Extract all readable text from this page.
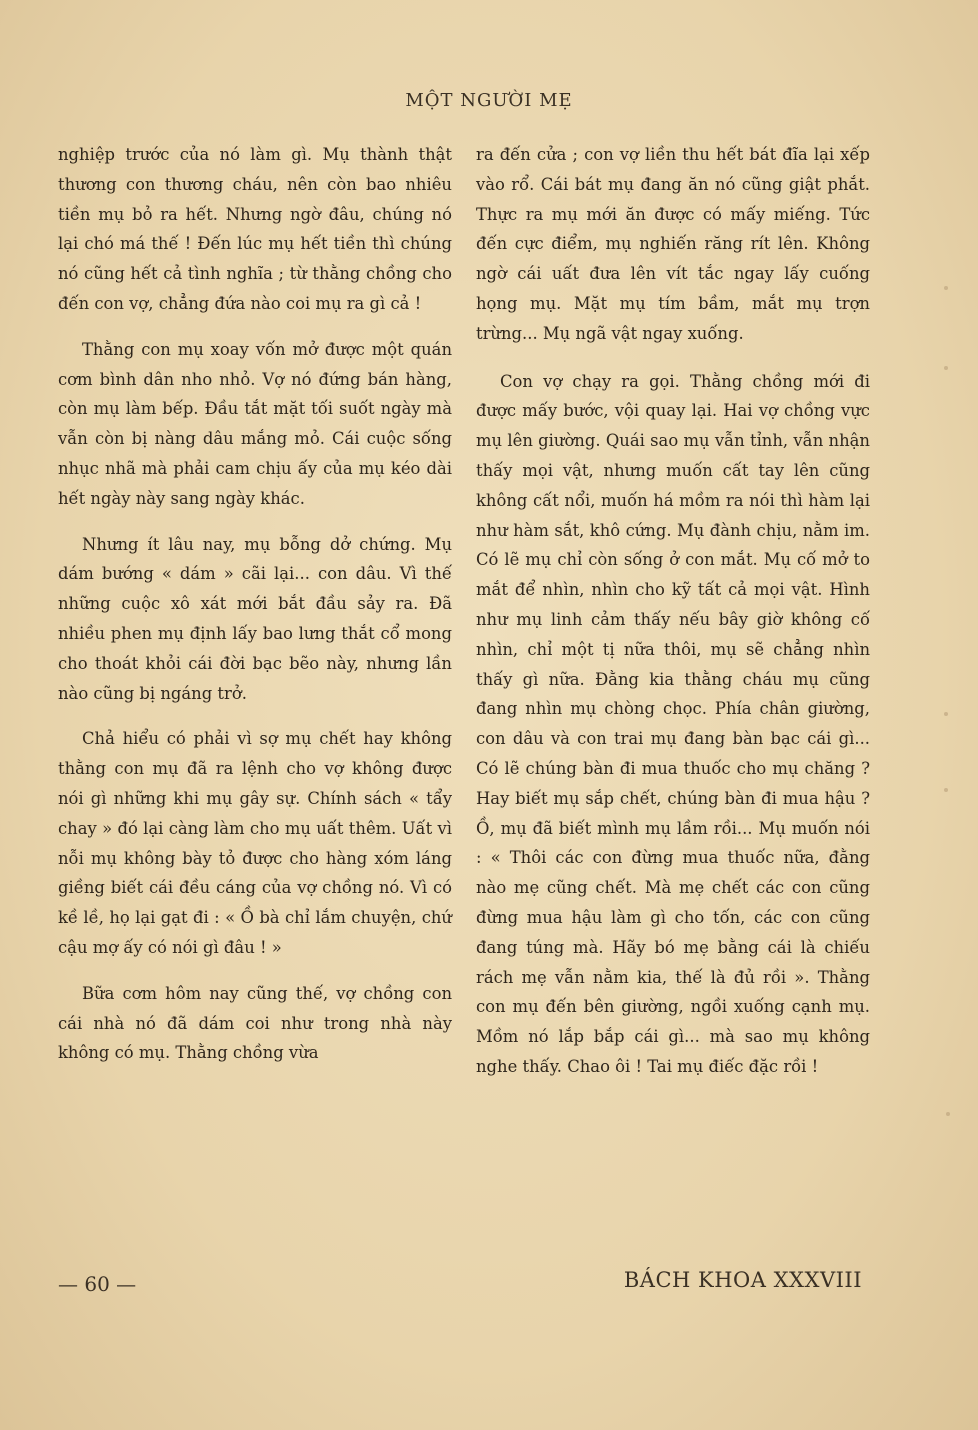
MỘT NGƯỜI MẸ

nghiệp trước của nó làm gì. Mụ thành thật thương con thương cháu, nên còn bao nhiêu tiền mụ bỏ ra hết. Nhưng ngờ đâu, chúng nó lại chó má thế ! Đến lúc mụ hết tiền thì chúng nó cũng hết cả tình nghĩa ; từ thằng chồng cho đến con vợ, chẳng đứa nào coi mụ ra gì cả !

Thằng con mụ xoay vốn mở được một quán cơm bình dân nho nhỏ. Vợ nó đứng bán hàng, còn mụ làm bếp. Đầu tắt mặt tối suốt ngày mà vẫn còn bị nàng dâu mắng mỏ. Cái cuộc sống nhục nhã mà phải cam chịu ấy của mụ kéo dài hết ngày này sang ngày khác.

Nhưng ít lâu nay, mụ bỗng dở chứng. Mụ dám bướng « dám » cãi lại... con dâu. Vì thế những cuộc xô xát mới bắt đầu sảy ra. Đã nhiều phen mụ định lấy bao lưng thắt cổ mong cho thoát khỏi cái đời bạc bẽo này, nhưng lần nào cũng bị ngáng trở.

Chả hiểu có phải vì sợ mụ chết hay không thằng con mụ đã ra lệnh cho vợ không được nói gì những khi mụ gây sự. Chính sách « tẩy chay » đó lại càng làm cho mụ uất thêm. Uất vì nỗi mụ không bày tỏ được cho hàng xóm láng giềng biết cái đều cáng của vợ chồng nó. Vì có kề lề, họ lại gạt đi : « Ồ bà chỉ lắm chuyện, chứ cậu mợ ấy có nói gì đâu ! »

Bữa cơm hôm nay cũng thế, vợ chồng con cái nhà nó đã dám coi như trong nhà này không có mụ. Thằng chồng vừa

ra đến cửa ; con vợ liền thu hết bát đĩa lại xếp vào rổ. Cái bát mụ đang ăn nó cũng giật phắt. Thực ra mụ mới ăn được có mấy miếng. Tức đến cực điểm, mụ nghiến răng rít lên. Không ngờ cái uất đưa lên vít tắc ngay lấy cuống họng mụ. Mặt mụ tím bầm, mắt mụ trợn trừng... Mụ ngã vật ngay xuống.

Con vợ chạy ra gọi. Thằng chồng mới đi được mấy bước, vội quay lại. Hai vợ chồng vực mụ lên giường. Quái sao mụ vẫn tỉnh, vẫn nhận thấy mọi vật, nhưng muốn cất tay lên cũng không cất nổi, muốn há mồm ra nói thì hàm lại như hàm sắt, khô cứng. Mụ đành chịu, nằm im. Có lẽ mụ chỉ còn sống ở con mắt. Mụ cố mở to mắt để nhìn, nhìn cho kỹ tất cả mọi vật. Hình như mụ linh cảm thấy nếu bây giờ không cố nhìn, chỉ một tị nữa thôi, mụ sẽ chẳng nhìn thấy gì nữa. Đằng kia thằng cháu mụ cũng đang nhìn mụ chòng chọc. Phía chân giường, con dâu và con trai mụ đang bàn bạc cái gì... Có lẽ chúng bàn đi mua thuốc cho mụ chăng ? Hay biết mụ sắp chết, chúng bàn đi mua hậu ? Ồ, mụ đã biết mình mụ lầm rồi... Mụ muốn nói : « Thôi các con đừng mua thuốc nữa, đằng nào mẹ cũng chết. Mà mẹ chết các con cũng đừng mua hậu làm gì cho tốn, các con cũng đang túng mà. Hãy bó mẹ bằng cái là chiếu rách mẹ vẫn nằm kia, thế là đủ rồi ». Thằng con mụ đến bên giường, ngồi xuống cạnh mụ. Mồm nó lắp bắp cái gì... mà sao mụ không nghe thấy. Chao ôi ! Tai mụ điếc đặc rồi !

— 60 —	BÁCH KHOA XXXVIII
